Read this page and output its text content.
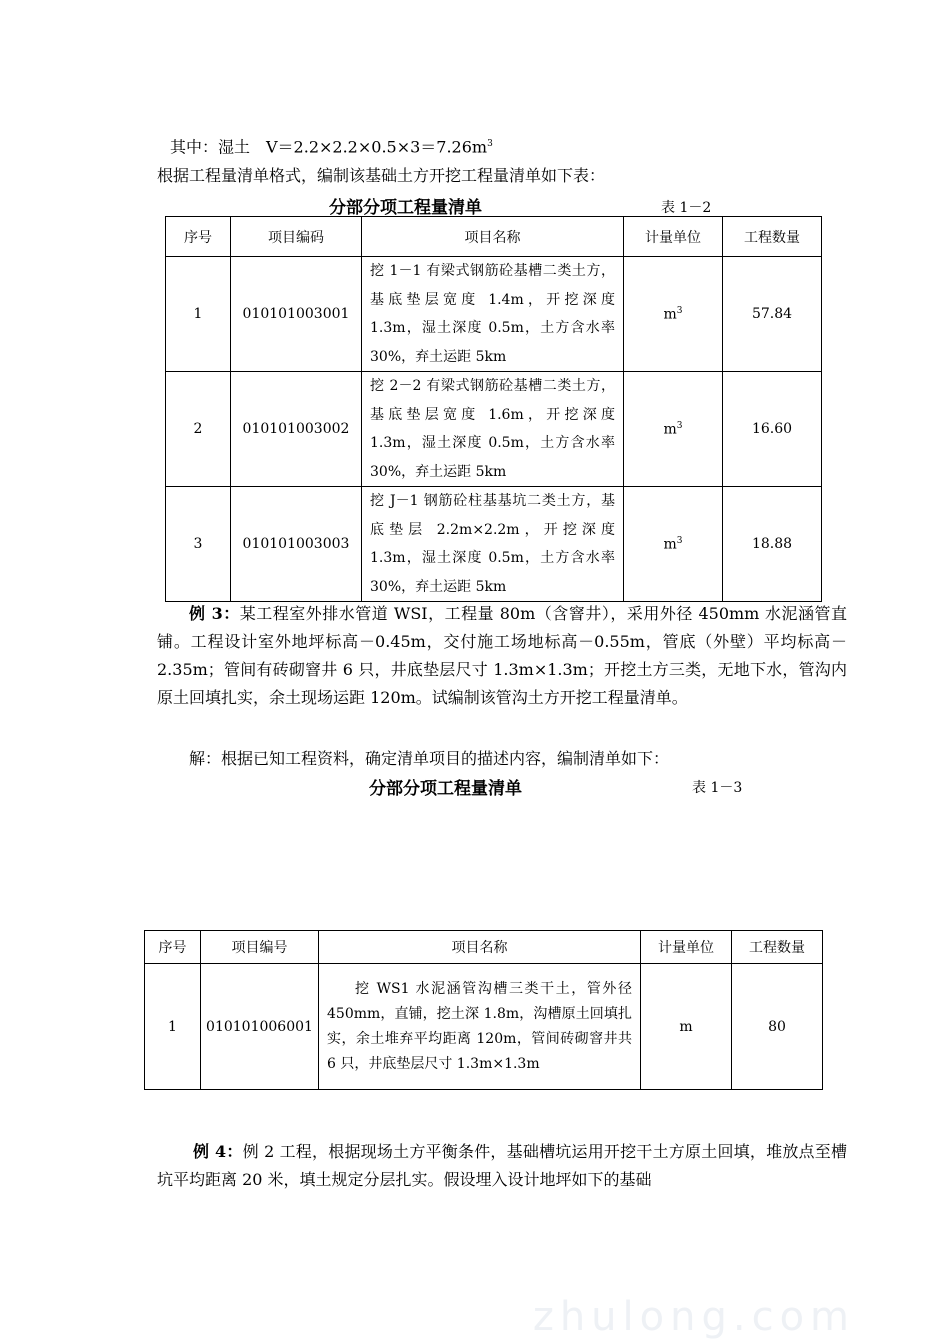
其中：湿土　$V=2.2\times 2.2\times 0.5\times 3=7.26m^3$
根据工程量清单格式，编制该基础土方开挖工程量清单如下表：
分部分项工程量清单	表 1－2
序号	项目编码	项目名称	计量单位	工程数量
1	010101003001	挖 1－1 有梁式钢筋砼基槽二类土方，基底垫层宽度 1.4m，开挖深度 1.3m，湿土深度 0.5m，土方含水率 30%，弃土运距 5km	$m^3$	57.84
2	010101003002	挖 2－2 有梁式钢筋砼基槽二类土方，基底垫层宽度 1.6m，开挖深度 1.3m，湿土深度 0.5m，土方含水率 30%，弃土运距 5km	$m^3$	16.60
3	010101003003	挖 J－1 钢筋砼柱基基坑二类土方，基底垫层 2.2m×2.2m，开挖深度 1.3m，湿土深度 0.5m，土方含水率 30%，弃土运距 5km	$m^3$	18.88
例 3：某工程室外排水管道 WSI，工程量 80m（含窨井），采用外径 450mm 水泥涵管直铺。工程设计室外地坪标高－0.45m，交付施工场地标高－0.55m，管底（外壁）平均标高－2.35m；管间有砖砌窨井 6 只，井底垫层尺寸 1.3m×1.3m；开挖土方三类，无地下水，管沟内原土回填扎实，余土现场运距 120m。试编制该管沟土方开挖工程量清单。
解：根据已知工程资料，确定清单项目的描述内容，编制清单如下：
分部分项工程量清单	表 1－3
序号	项目编号	项目名称	计量单位	工程数量
1	010101006001	挖 WS1 水泥涵管沟槽三类干土，管外径 450mm，直铺，挖土深 1.8m，沟槽原土回填扎实，余土堆弃平均距离 120m，管间砖砌窨井共 6 只，井底垫层尺寸 1.3m×1.3m	m	80
例 4：例 2 工程，根据现场土方平衡条件，基础槽坑运用开挖干土方原土回填，堆放点至槽坑平均距离 20 米，填土规定分层扎实。假设埋入设计地坪如下的基础
zhulong.com
